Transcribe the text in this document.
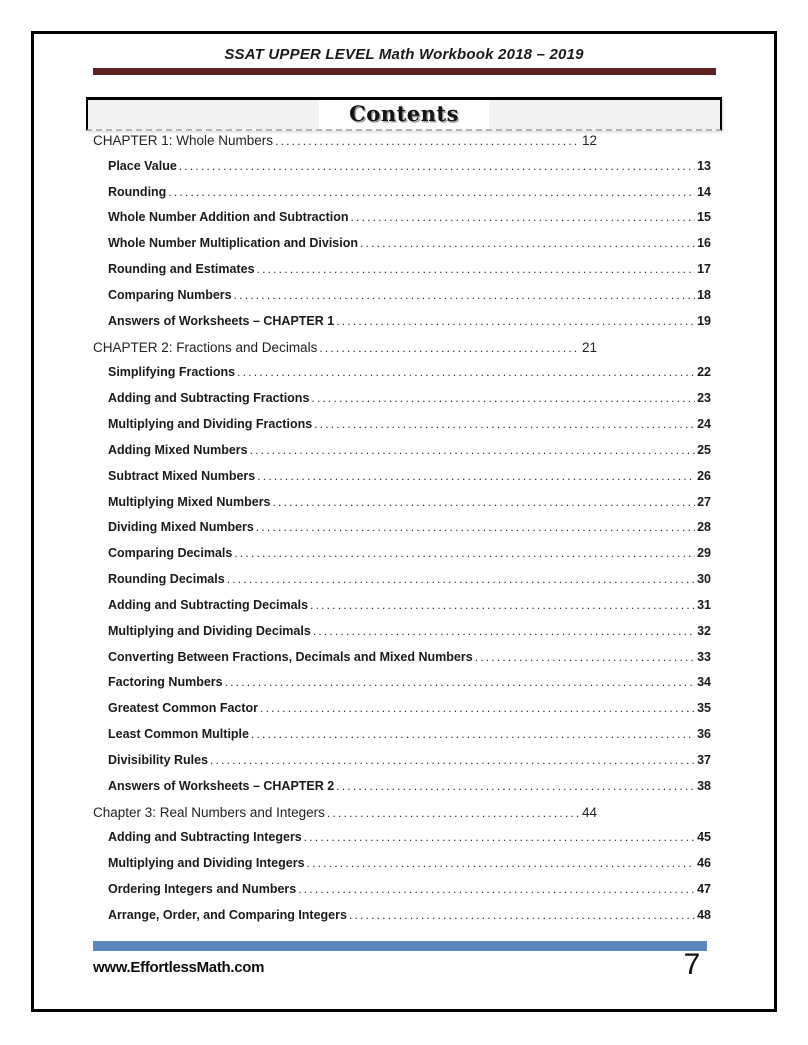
SSAT UPPER LEVEL Math Workbook 2018 – 2019
Contents
CHAPTER 1: Whole Numbers .....	12
Place Value .....	13
Rounding .....	14
Whole Number Addition and Subtraction .....	15
Whole Number Multiplication and Division .....	16
Rounding and Estimates .....	17
Comparing Numbers .....	18
Answers of Worksheets – CHAPTER 1 .....	19
CHAPTER 2: Fractions and Decimals .....	21
Simplifying Fractions .....	22
Adding and Subtracting Fractions .....	23
Multiplying and Dividing Fractions .....	24
Adding Mixed Numbers .....	25
Subtract Mixed Numbers .....	26
Multiplying Mixed Numbers .....	27
Dividing Mixed Numbers .....	28
Comparing Decimals .....	29
Rounding Decimals .....	30
Adding and Subtracting Decimals .....	31
Multiplying and Dividing Decimals .....	32
Converting Between Fractions, Decimals and Mixed Numbers .....	33
Factoring Numbers .....	34
Greatest Common Factor .....	35
Least Common Multiple .....	36
Divisibility Rules .....	37
Answers of Worksheets – CHAPTER 2 .....	38
Chapter 3: Real Numbers and Integers .....	44
Adding and Subtracting Integers .....	45
Multiplying and Dividing Integers .....	46
Ordering Integers and Numbers .....	47
Arrange, Order, and Comparing Integers .....	48
www.EffortlessMath.com	7
